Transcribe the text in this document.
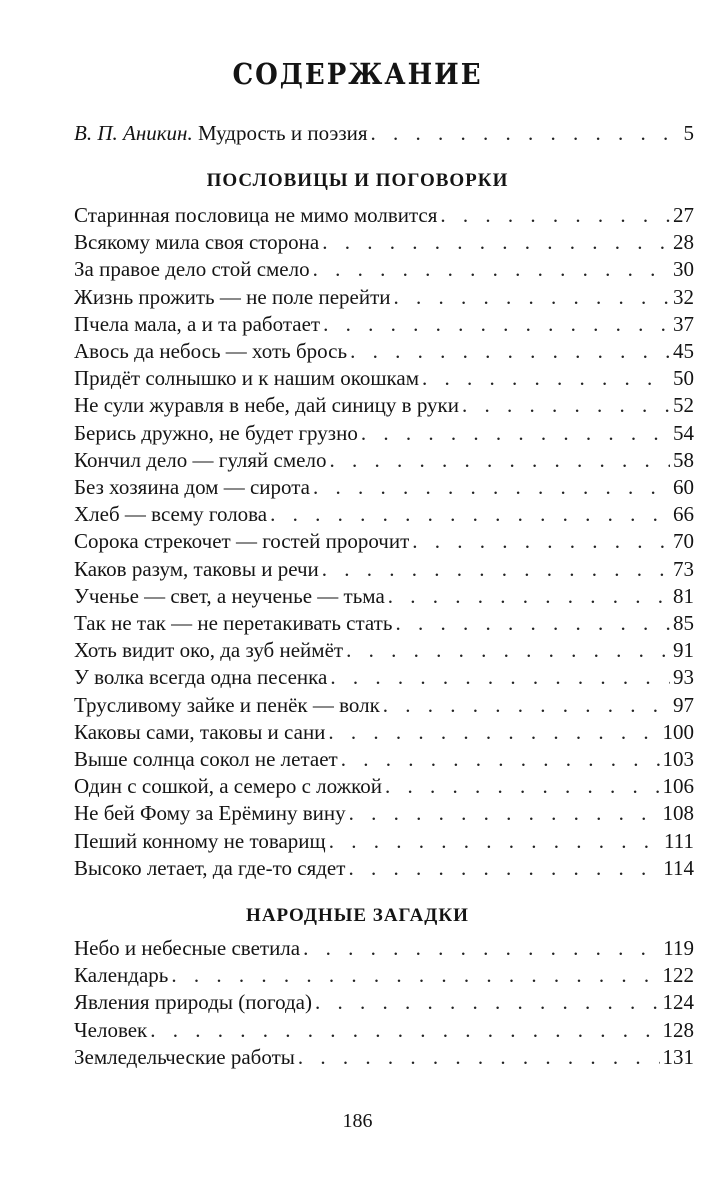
СОДЕРЖАНИЕ
В. П. Аникин. Мудрость и поэзия . . .	5
ПОСЛОВИЦЫ И ПОГОВОРКИ
Старинная пословица не мимо молвится . . .	27
Всякому мила своя сторона . . .	28
За правое дело стой смело . . .	30
Жизнь прожить — не поле перейти . . .	32
Пчела мала, а и та работает . . .	37
Авось да небось — хоть брось . . .	45
Придёт солнышко и к нашим окошкам . . .	50
Не сули журавля в небе, дай синицу в руки . . .	52
Берись дружно, не будет грузно . . .	54
Кончил дело — гуляй смело . . .	58
Без хозяина дом — сирота . . .	60
Хлеб — всему голова . . .	66
Сорока стрекочет — гостей пророчит . . .	70
Каков разум, таковы и речи . . .	73
Ученье — свет, а неученье — тьма . . .	81
Так не так — не перетакивать стать . . .	85
Хоть видит око, да зуб неймёт . . .	91
У волка всегда одна песенка . . .	93
Трусливому зайке и пенёк — волк . . .	97
Каковы сами, таковы и сани . . .	100
Выше солнца сокол не летает . . .	103
Один с сошкой, а семеро с ложкой . . .	106
Не бей Фому за Ерёмину вину . . .	108
Пеший конному не товарищ . . .	111
Высоко летает, да где-то сядет . . .	114
НАРОДНЫЕ ЗАГАДКИ
Небо и небесные светила . . .	119
Календарь . . .	122
Явления природы (погода) . . .	124
Человек . . .	128
Земледельческие работы . . .	131
186
